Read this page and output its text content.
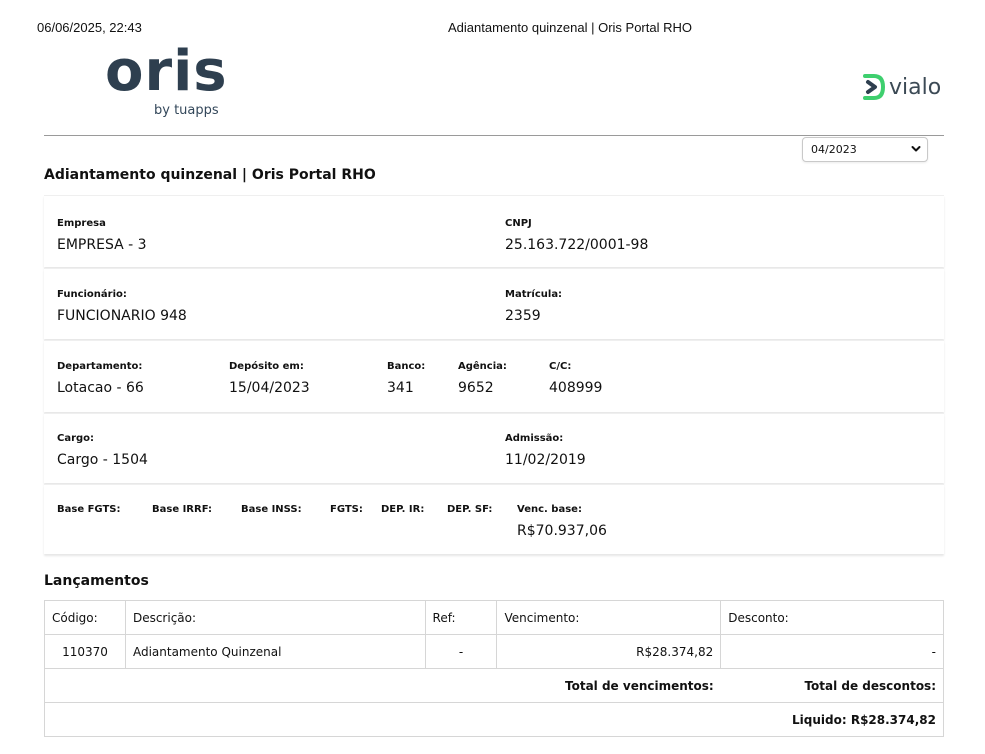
06/06/2025, 22:43	Adiantamento quinzenal | Oris Portal RHO
oris
by tuapps
vialo
04/2023
Adiantamento quinzenal | Oris Portal RHO
Empresa
EMPRESA - 3
CNPJ
25.163.722/0001-98
Funcionário:
FUNCIONARIO 948
Matrícula:
2359
Departamento:
Lotacao - 66
Depósito em:
15/04/2023
Banco:
341
Agência:
9652
C/C:
408999
Cargo:
Cargo - 1504
Admissão:
11/02/2019
Base FGTS:	Base IRRF:	Base INSS:	FGTS: DEP. IR: DEP. SF: Venc. base:
R$70.937,06
Lançamentos
Código:	Descrição:	Ref:	Vencimento:	Desconto:
110370	Adiantamento Quinzenal	-	R$28.374,82	-
			Total de vencimentos:	Total de descontos:
				Liquido: R$28.374,82
